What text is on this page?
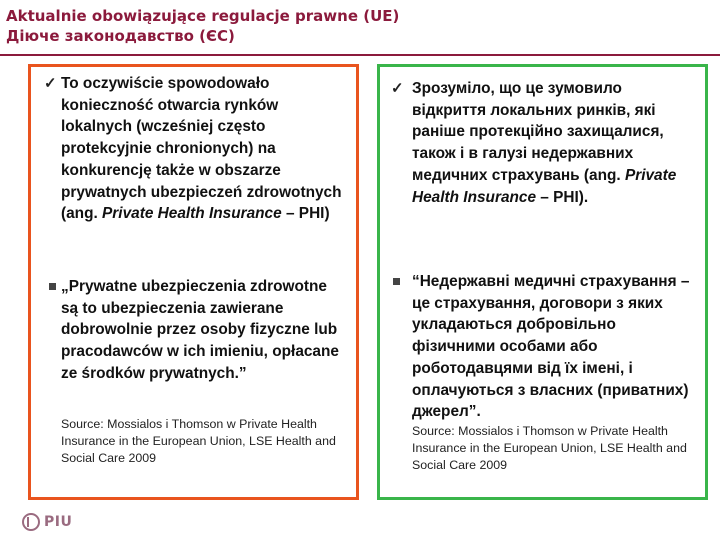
Aktualnie obowiązujące regulacje prawne (UE)
Діюче законодавство (ЄС)
✓ To oczywiście spowodowało konieczność otwarcia rynków lokalnych (wcześniej często protekcyjnie chronionych) na konkurencję także w obszarze prywatnych ubezpieczeń zdrowotnych (ang. Private Health Insurance – PHI)
„Prywatne ubezpieczenia zdrowotne są to ubezpieczenia zawierane dobrowolnie przez osoby fizyczne lub pracodawców w ich imieniu, opłacane ze środków prywatnych.”
Source: Mossialos i Thomson w Private Health Insurance in the European Union, LSE Health and Social Care 2009
✓ Зрозуміло, що це зумовило відкриття локальних ринків, які раніше протекційно захищалися, також і в галузі недержавних медичних страхувань (ang. Private Health Insurance – PHI).
“Недержавні медичні страхування – це страхування, договори з яких укладаються добровільно фізичними особами або роботодавцями від їх імені, і оплачуються з власних (приватних) джерел”.
Source: Mossialos i Thomson w Private Health Insurance in the European Union, LSE Health and Social Care 2009
PIU
